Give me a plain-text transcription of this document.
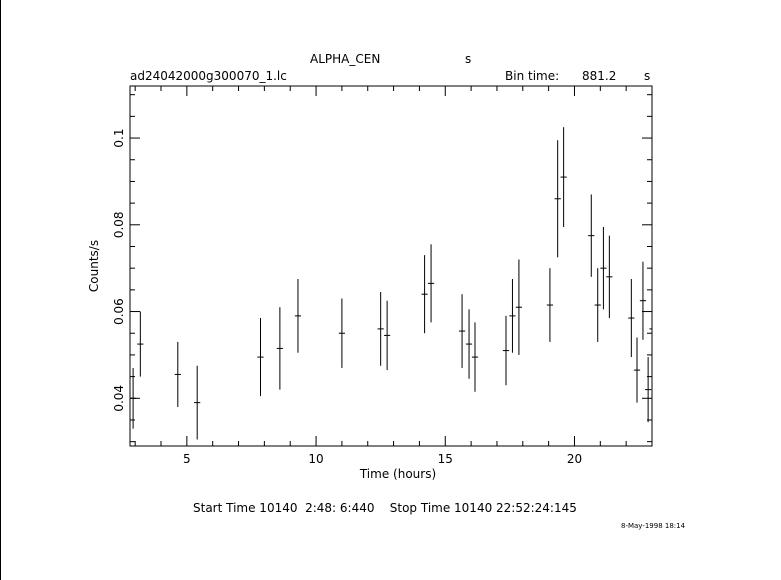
ALPHA_CEN	s
ad24042000g300070_1.lc	Bin time: 881.2 s
5	10	15	20
0.04
0.06
0.08
0.1
Time (hours)
Counts/s
Start Time 10140  2:48: 6:440    Stop Time 10140 22:52:24:145
8-May-1998 18:14
